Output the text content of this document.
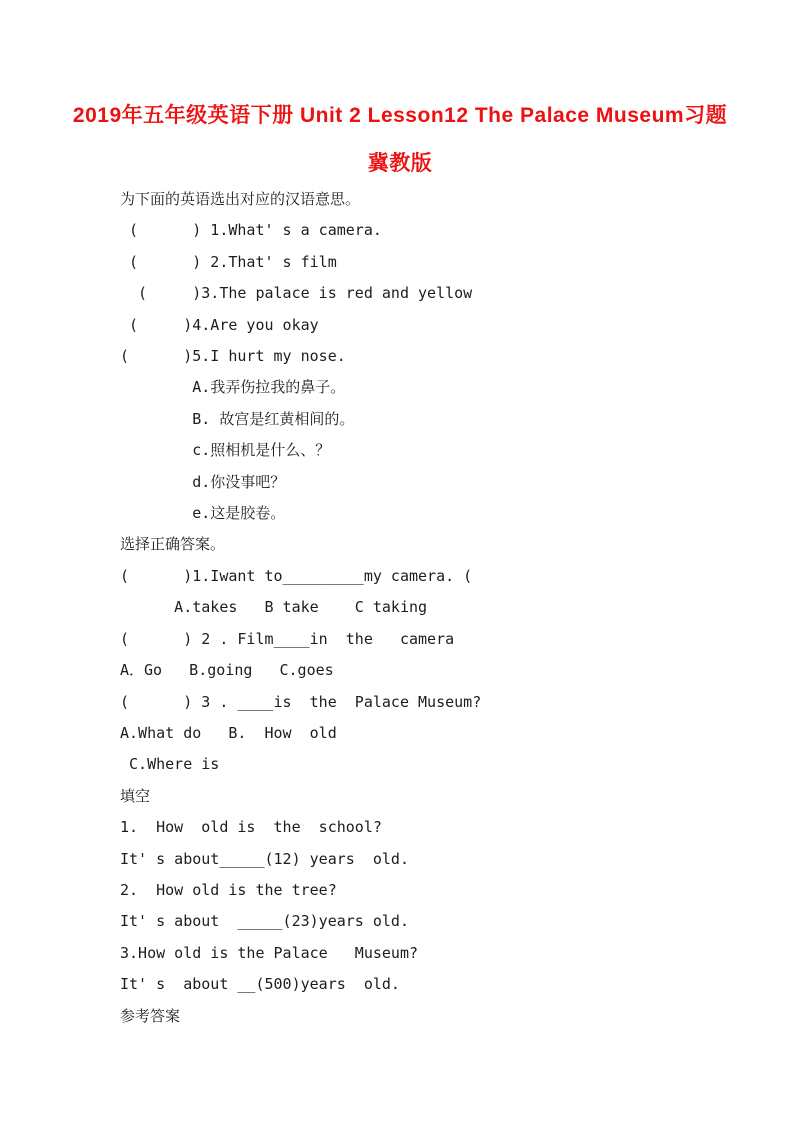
2019年五年级英语下册 Unit 2 Lesson12 The Palace Museum习题
冀教版
为下面的英语选出对应的汉语意思。
(      ) 1.What' s a camera.
(      ) 2.That' s film
(     )3.The palace is red and yellow
(     )4.Are you okay
(      )5.I hurt my nose.
A.我弄伤拉我的鼻子。
B. 故宫是红黄相间的。
c.照相机是什么、？
d.你没事吧？
e.这是胶卷。
选择正确答案。
(      )1.Iwant to_________my camera. (
A.takes   B take    C taking
(      ) 2 . Film____in  the   camera
A．Go   B.going   C.goes
(      ) 3 . ____is  the  Palace Museum?
A.What do   B.  How  old
C.Where is
填空
1.  How  old is  the  school?
It' s about_____(12) years  old.
2.  How old is the tree?
It' s about  _____(23)years old.
3.How old is the Palace   Museum?
It' s  about __(500)years  old.
参考答案
